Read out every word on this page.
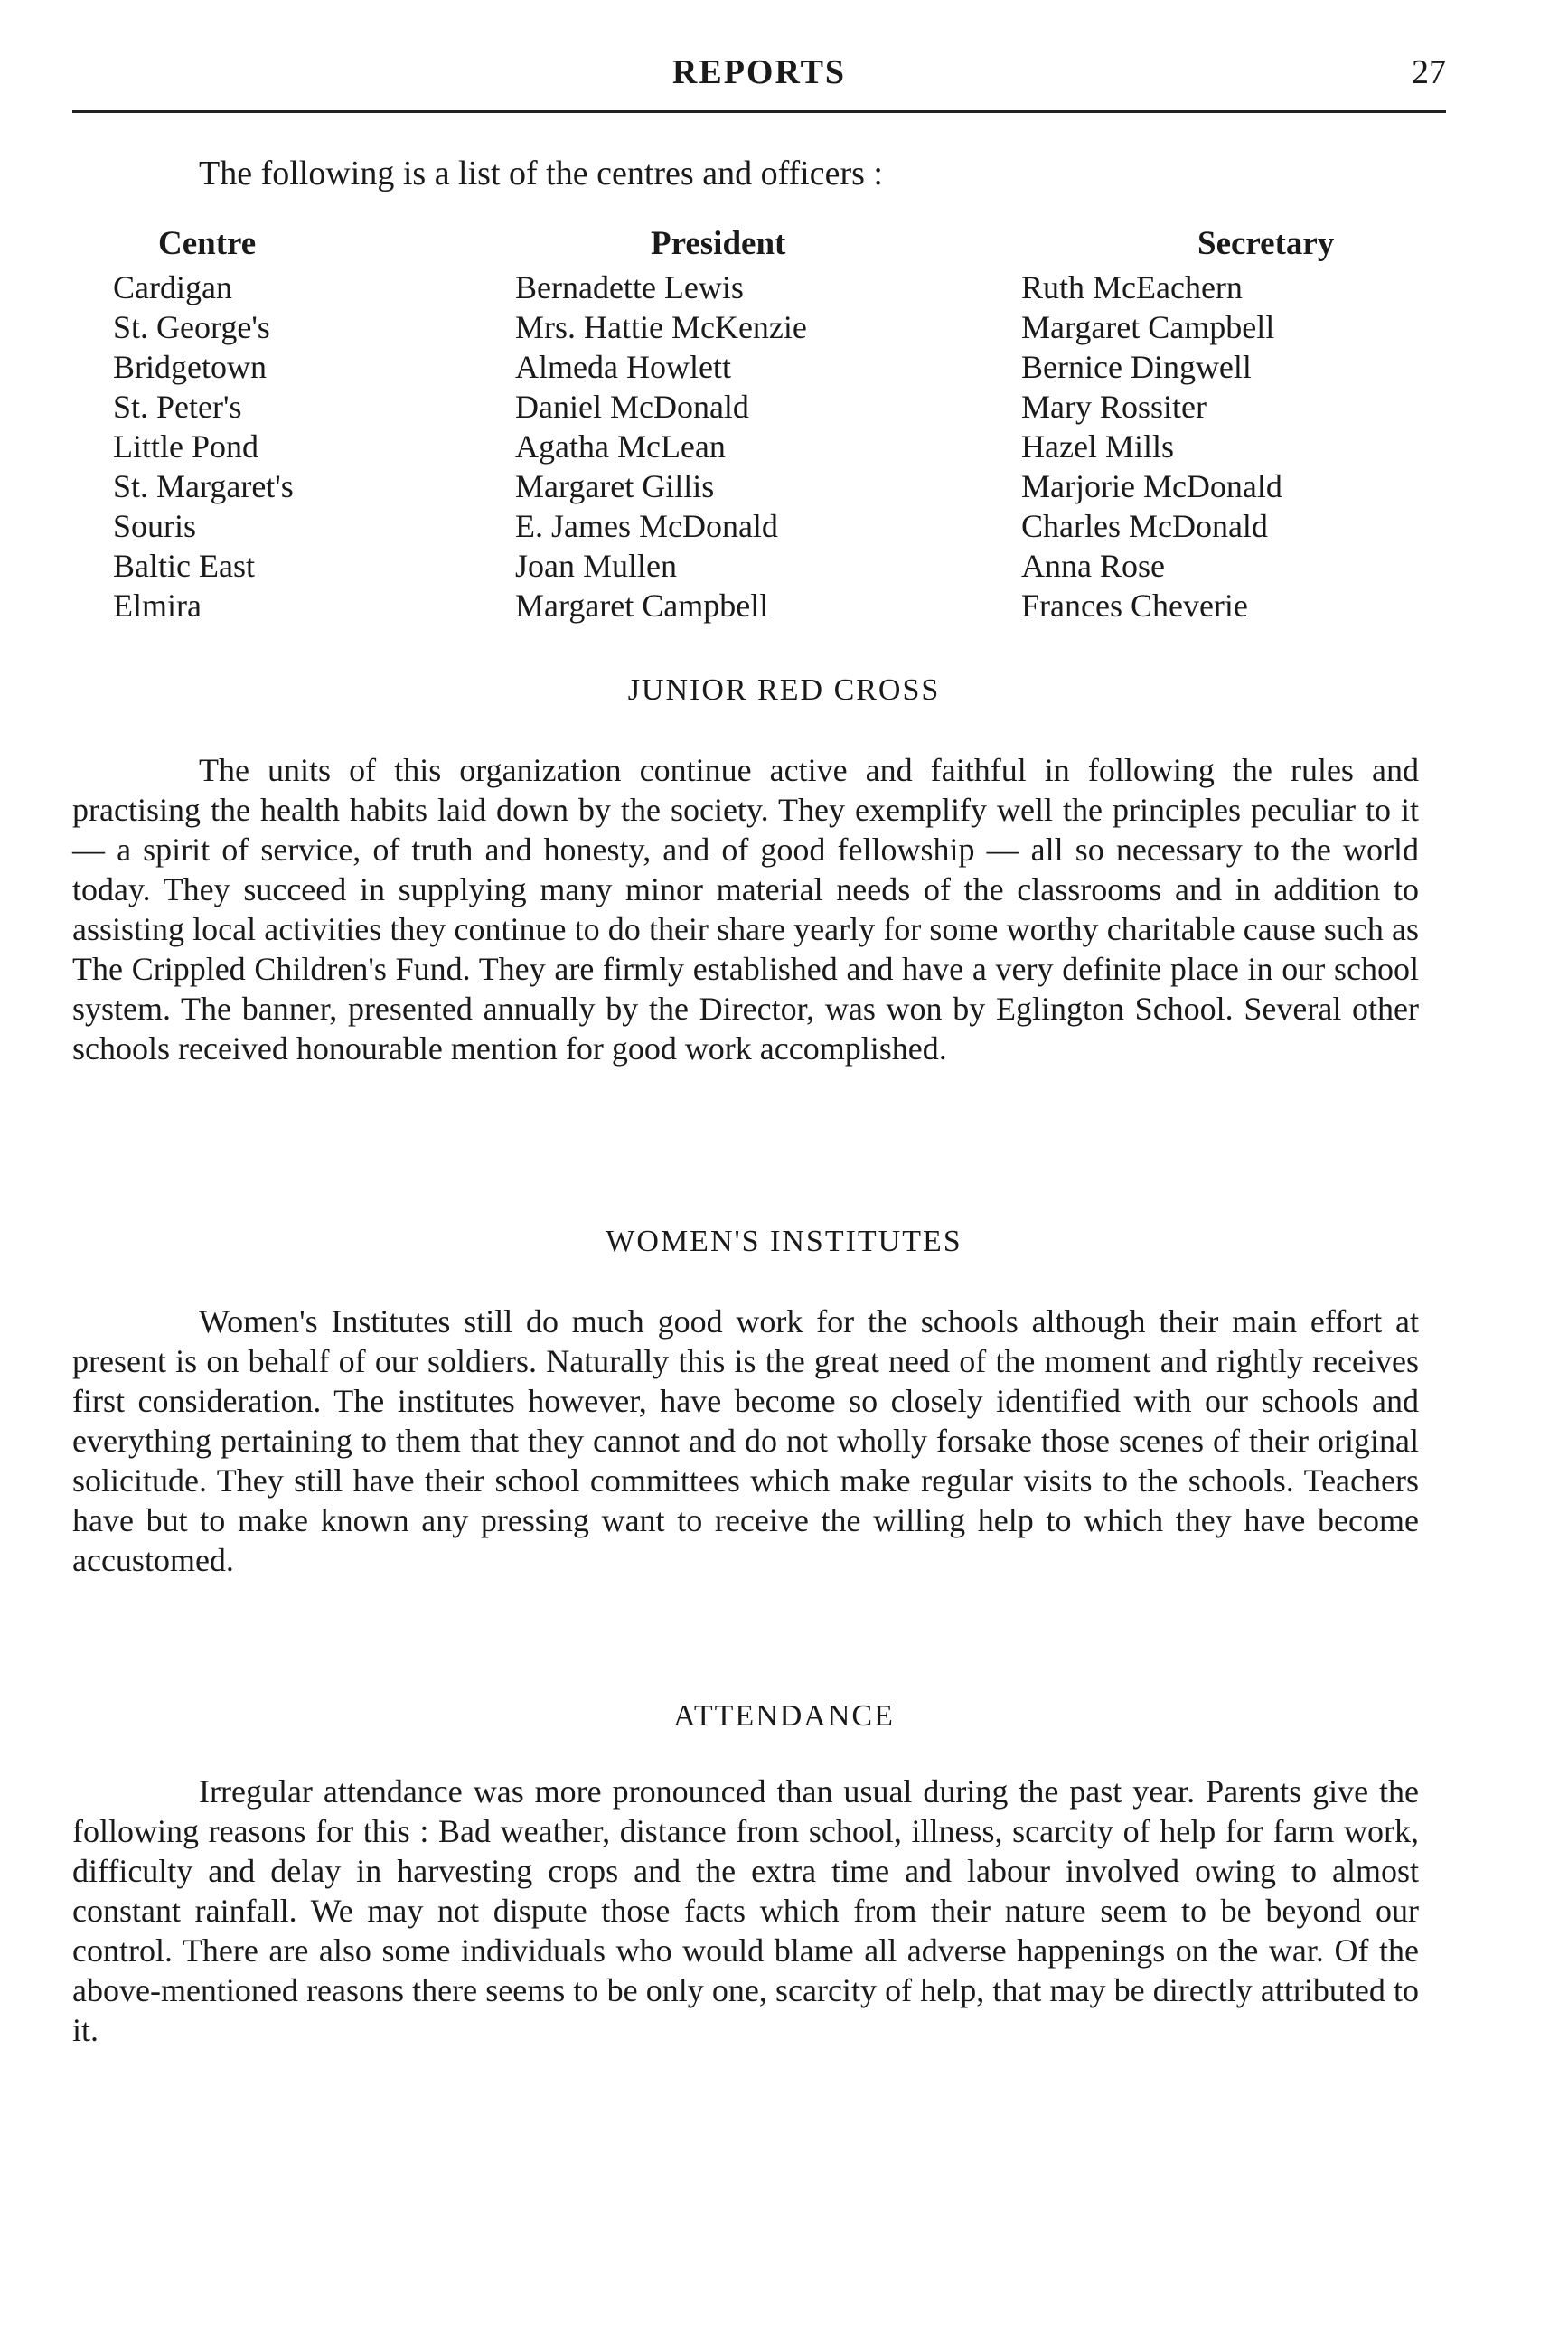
REPORTS	27
The following is a list of the centres and officers :
Centre
Cardigan
St. George's
Bridgetown
St. Peter's
Little Pond
St. Margaret's
Souris
Baltic East
Elmira
President
Bernadette Lewis
Mrs. Hattie McKenzie
Almeda Howlett
Daniel McDonald
Agatha McLean
Margaret Gillis
E. James McDonald
Joan Mullen
Margaret Campbell
Secretary
Ruth McEachern
Margaret Campbell
Bernice Dingwell
Mary Rossiter
Hazel Mills
Marjorie McDonald
Charles McDonald
Anna Rose
Frances Cheverie
JUNIOR RED CROSS

The units of this organization continue active and faithful in following the rules and practising the health habits laid down by the society. They exemplify well the principles peculiar to it — a spirit of service, of truth and honesty, and of good fellowship — all so necessary to the world today. They succeed in supplying many minor material needs of the classrooms and in addition to assisting local activities they continue to do their share yearly for some worthy charitable cause such as The Crippled Children's Fund. They are firmly established and have a very definite place in our school system. The banner, presented annually by the Director, was won by Eglington School. Several other schools received honourable mention for good work accomplished.

WOMEN'S INSTITUTES

Women's Institutes still do much good work for the schools although their main effort at present is on behalf of our soldiers. Naturally this is the great need of the moment and rightly receives first consideration. The institutes however, have become so closely identified with our schools and everything pertaining to them that they cannot and do not wholly forsake those scenes of their original solicitude. They still have their school committees which make regular visits to the schools. Teachers have but to make known any pressing want to receive the willing help to which they have become accustomed.

ATTENDANCE

Irregular attendance was more pronounced than usual during the past year. Parents give the following reasons for this : Bad weather, distance from school, illness, scarcity of help for farm work, difficulty and delay in harvesting crops and the extra time and labour involved owing to almost constant rainfall. We may not dispute those facts which from their nature seem to be beyond our control. There are also some individuals who would blame all adverse happenings on the war. Of the above-mentioned reasons there seems to be only one, scarcity of help, that may be directly attributed to it.
